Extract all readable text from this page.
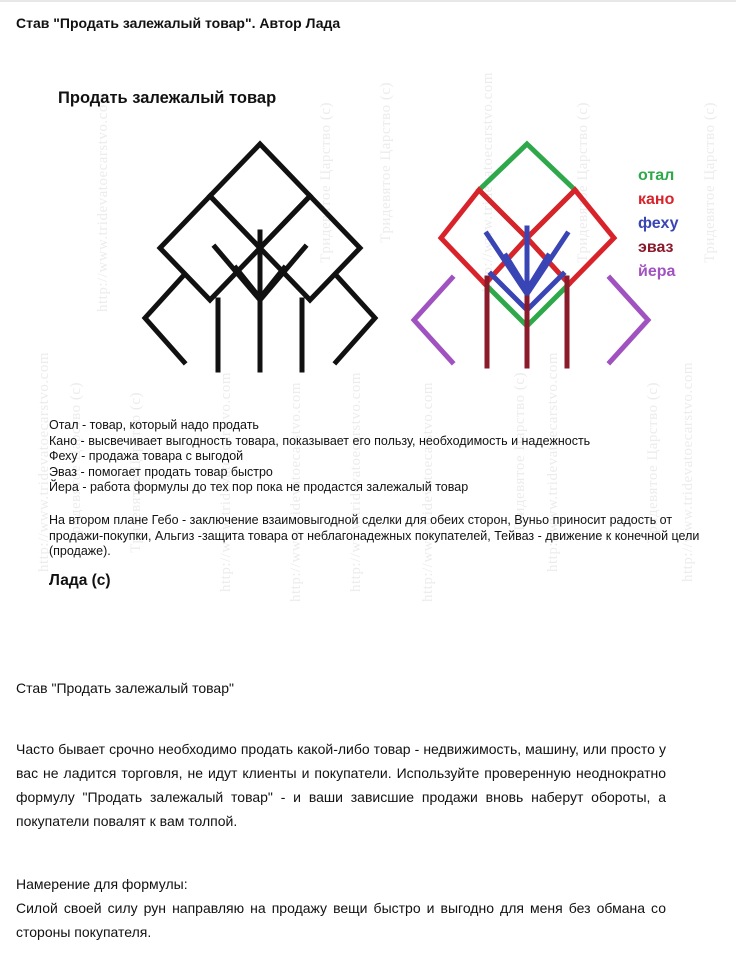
Став "Продать залежалый товар". Автор Лада
http://www.tridevatoecarstvo.com Тридевятое Царство (с)
http://www.tridevatoecarstvo.com
Тридевятое Царство (с)	http://www.tridevatoecarstvo.com	http://www.tridevatoecarstvo.com
Тридевятое Царство (с)
http://www.tridevatoecarstvo.com
Тридевятое Царство (с)
http://www.tridevatoecarstvo.com
http://www.tridevatoecarstvo.com
Тридевятое Царство (с) http://www.tridevatoecarstvo.com
Тридевятое Царство (с)
Тридевятое Царство (с) http://www.tridevatoecarstvo.com
Тридевятое Царство (с)
Продать залежалый товар
отал
кано
феху
эваз
йера
Отал - товар, который надо продать
Кано - высвечивает выгодность товара, показывает его пользу, необходимость и надежность
Феху - продажа товара с выгодой
Эваз - помогает продать товар быстро
Йера - работа формулы до тех пор пока не продастся залежалый товар
На втором плане Гебо - заключение взаимовыгодной сделки для обеих сторон, Вуньо приносит радость от продажи-покупки, Альгиз -защита товара от неблагонадежных покупателей, Тейваз - движение к конечной цели (продаже).
Лада (с)
Став "Продать залежалый товар"
Часто бывает срочно необходимо продать какой-либо товар - недвижимость, машину, или просто у вас не ладится торговля, не идут клиенты и покупатели. Используйте проверенную неоднократно формулу "Продать залежалый товар" - и ваши зависшие продажи вновь наберут обороты, а покупатели повалят к вам толпой.
Намерение для формулы:
Силой своей силу рун направляю на продажу вещи быстро и выгодно для меня без обмана со стороны покупателя.
